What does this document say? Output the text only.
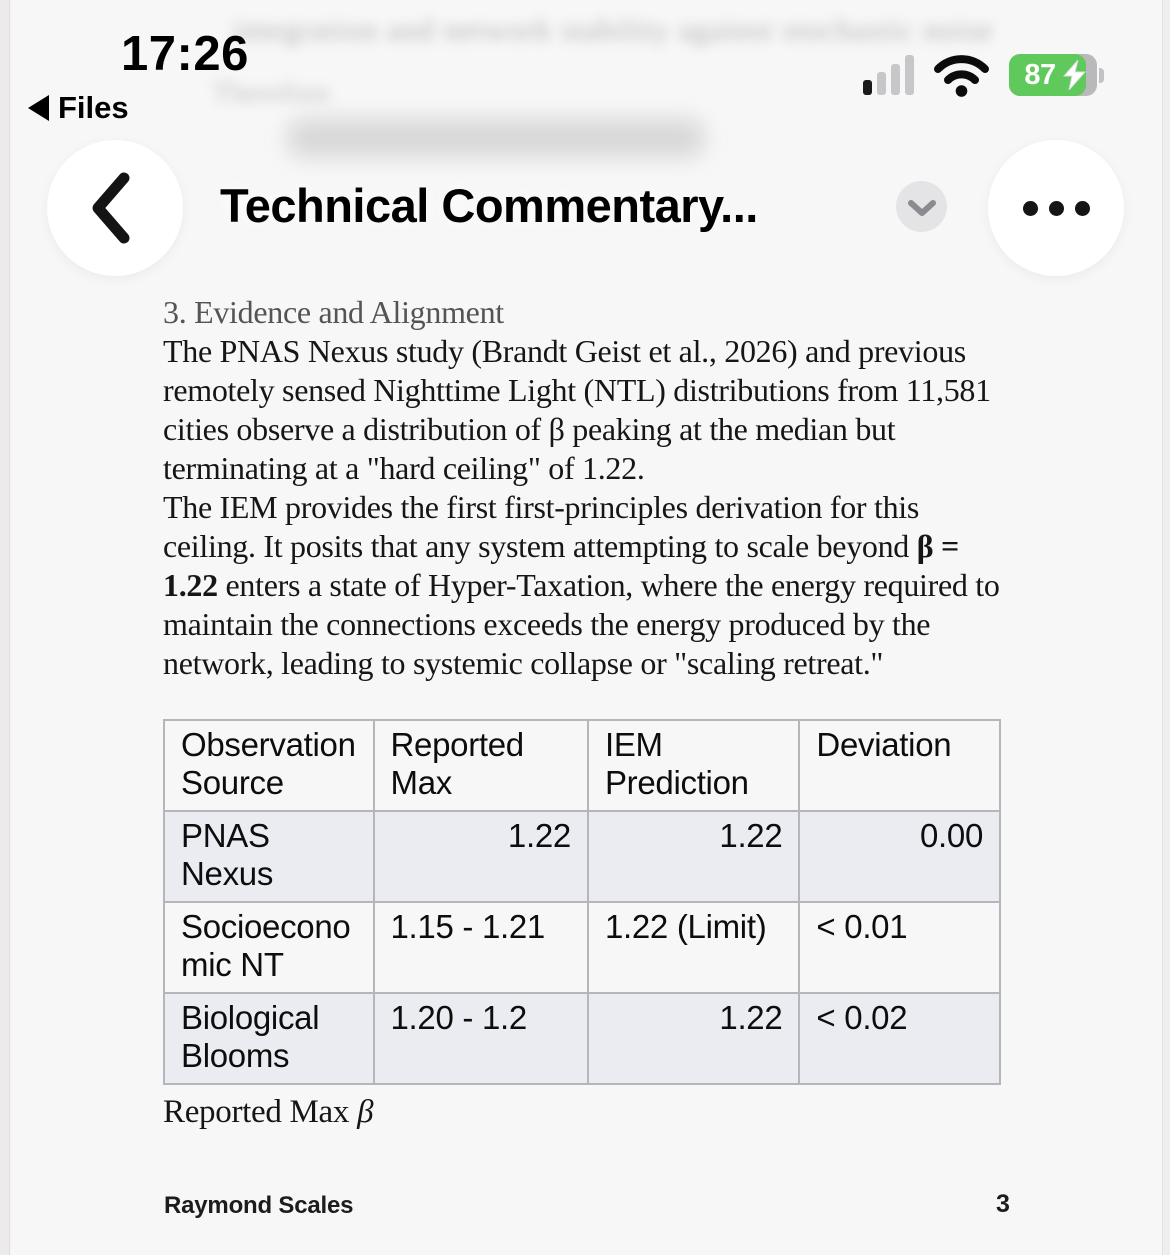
integration and network stability against stochastic noise
Therefore
17:26
Files
87
Technical Commentary...
3. Evidence and Alignment

The PNAS Nexus study (Brandt Geist et al., 2026) and previous remotely sensed Nighttime Light (NTL) distributions from 11,581 cities observe a distribution of β peaking at the median but terminating at a "hard ceiling" of 1.22.

The IEM provides the first first-principles derivation for this ceiling. It posits that any system attempting to scale beyond β = 1.22 enters a state of Hyper-Taxation, where the energy required to maintain the connections exceeds the energy produced by the network, leading to systemic collapse or "scaling retreat."

Observation Source	Reported Max	IEM Prediction	Deviation
PNAS Nexus	1.22	1.22	0.00
Socioeconomic NT	1.15 - 1.21	1.22 (Limit)	< 0.01
Biological Blooms	1.20 - 1.2	1.22	< 0.02
Reported Max β
Raymond Scales	3
